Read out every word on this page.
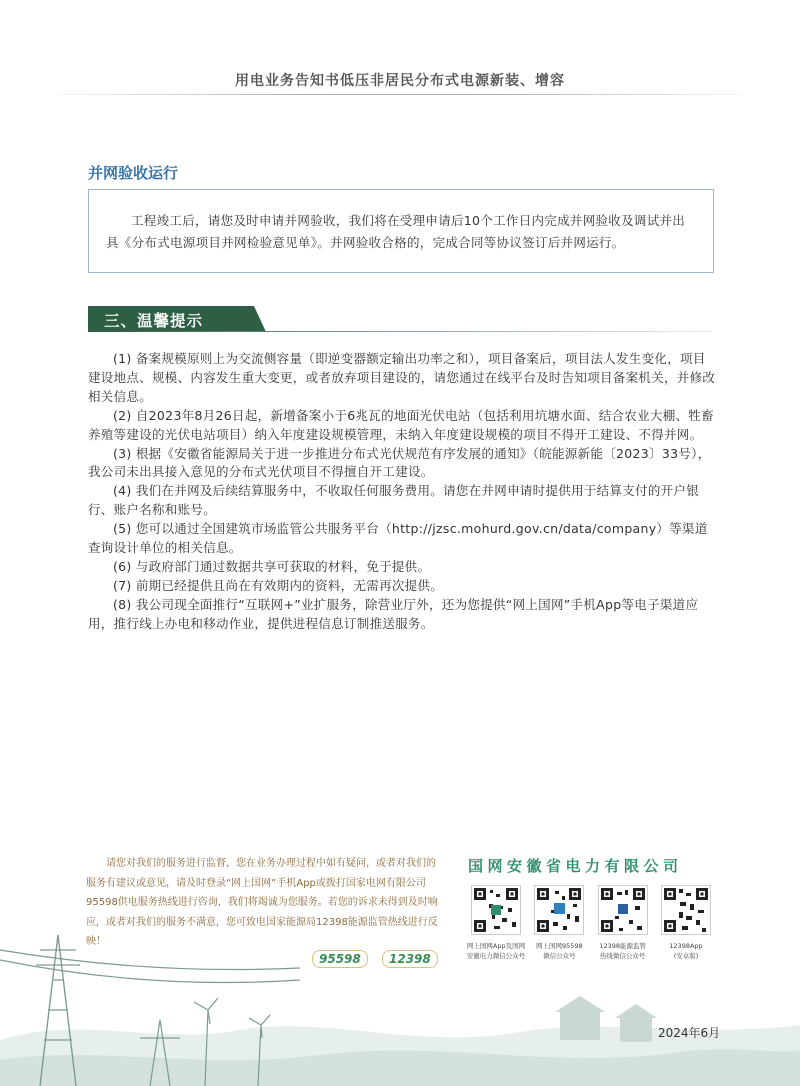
用电业务告知书低压非居民分布式电源新装、增容
并网验收运行
工程竣工后，请您及时申请并网验收，我们将在受理申请后10个工作日内完成并网验收及调试并出具《分布式电源项目并网检验意见单》。并网验收合格的，完成合同等协议签订后并网运行。
三、温馨提示

(1) 备案规模原则上为交流侧容量（即逆变器额定输出功率之和），项目备案后，项目法人发生变化，项目建设地点、规模、内容发生重大变更，或者放弃项目建设的，请您通过在线平台及时告知项目备案机关，并修改相关信息。

(2) 自2023年8月26日起，新增备案小于6兆瓦的地面光伏电站（包括利用坑塘水面、结合农业大棚、牲畜养殖等建设的光伏电站项目）纳入年度建设规模管理，未纳入年度建设规模的项目不得开工建设、不得并网。

(3) 根据《安徽省能源局关于进一步推进分布式光伏规范有序发展的通知》（皖能源新能〔2023〕33号），我公司未出具接入意见的分布式光伏项目不得擅自开工建设。

(4) 我们在并网及后续结算服务中，不收取任何服务费用。请您在并网申请时提供用于结算支付的开户银行、账户名称和账号。

(5) 您可以通过全国建筑市场监管公共服务平台（http://jzsc.mohurd.gov.cn/data/company）等渠道查询设计单位的相关信息。

(6) 与政府部门通过数据共享可获取的材料，免于提供。

(7) 前期已经提供且尚在有效期内的资料，无需再次提供。

(8) 我公司现全面推行“互联网+”业扩服务，除营业厅外，还为您提供“网上国网”手机App等电子渠道应用，推行线上办电和移动作业，提供进程信息订制推送服务。

请您对我们的服务进行监督，您在业务办理过程中如有疑问，或者对我们的服务有建议或意见，请及时登录“网上国网”手机App或拨打国家电网有限公司95598供电服务热线进行咨询，我们将竭诚为您服务。若您的诉求未得到及时响应，或者对我们的服务不满意，您可致电国家能源局12398能源监管热线进行反映！
95598	12398
国网安徽省电力有限公司
网上国网App及国网
安徽电力微信公众号
网上国网95598
微信公众号
12398能源监管
热线微信公众号
12398App
(安卓版)
2024年6月
